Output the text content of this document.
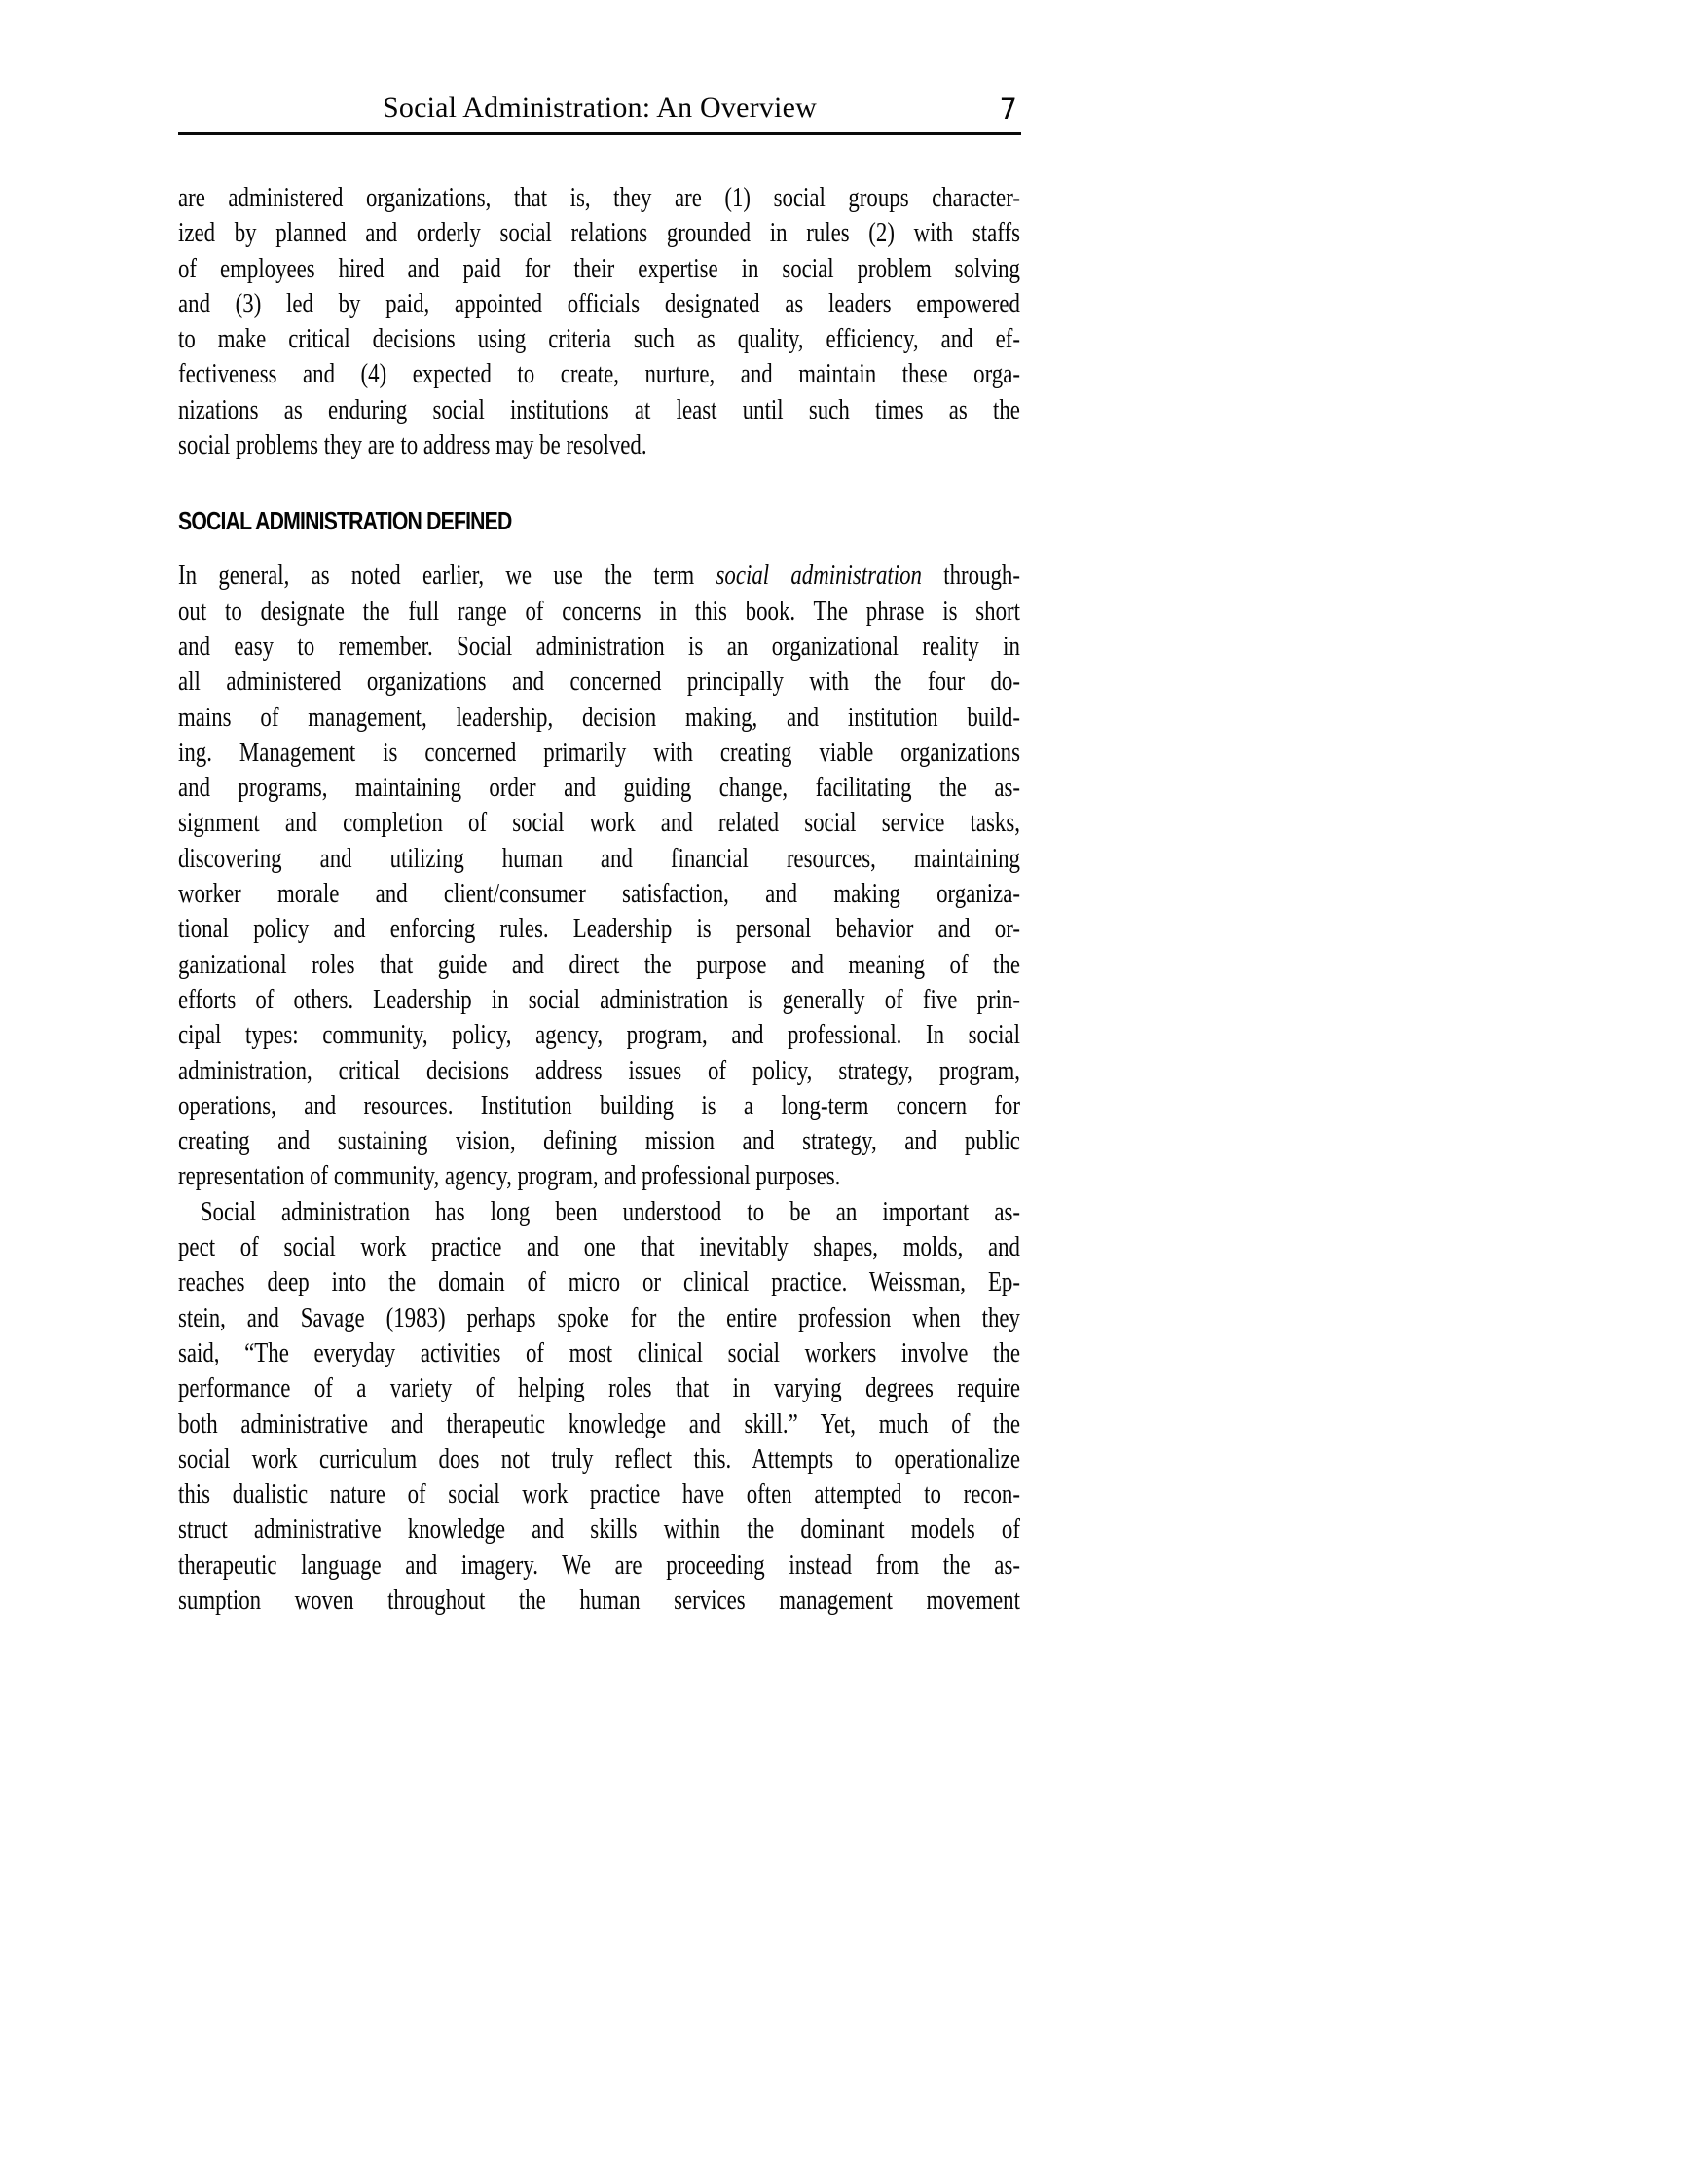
Social Administration: An Overview	7
are administered organizations, that is, they are (1) social groups character-
ized by planned and orderly social relations grounded in rules (2) with staffs
of employees hired and paid for their expertise in social problem solving
and (3) led by paid, appointed officials designated as leaders empowered
to make critical decisions using criteria such as quality, efficiency, and ef-
fectiveness and (4) expected to create, nurture, and maintain these orga-
nizations as enduring social institutions at least until such times as the
social problems they are to address may be resolved.
SOCIAL ADMINISTRATION DEFINED
In general, as noted earlier, we use the term social administration through-
out to designate the full range of concerns in this book. The phrase is short
and easy to remember. Social administration is an organizational reality in
all administered organizations and concerned principally with the four do-
mains of management, leadership, decision making, and institution build-
ing. Management is concerned primarily with creating viable organizations
and programs, maintaining order and guiding change, facilitating the as-
signment and completion of social work and related social service tasks,
discovering and utilizing human and financial resources, maintaining
worker morale and client/consumer satisfaction, and making organiza-
tional policy and enforcing rules. Leadership is personal behavior and or-
ganizational roles that guide and direct the purpose and meaning of the
efforts of others. Leadership in social administration is generally of five prin-
cipal types: community, policy, agency, program, and professional. In social
administration, critical decisions address issues of policy, strategy, program,
operations, and resources. Institution building is a long-term concern for
creating and sustaining vision, defining mission and strategy, and public
representation of community, agency, program, and professional purposes.
Social administration has long been understood to be an important as-
pect of social work practice and one that inevitably shapes, molds, and
reaches deep into the domain of micro or clinical practice. Weissman, Ep-
stein, and Savage (1983) perhaps spoke for the entire profession when they
said, “The everyday activities of most clinical social workers involve the
performance of a variety of helping roles that in varying degrees require
both administrative and therapeutic knowledge and skill.” Yet, much of the
social work curriculum does not truly reflect this. Attempts to operationalize
this dualistic nature of social work practice have often attempted to recon-
struct administrative knowledge and skills within the dominant models of
therapeutic language and imagery. We are proceeding instead from the as-
sumption woven throughout the human services management movement
